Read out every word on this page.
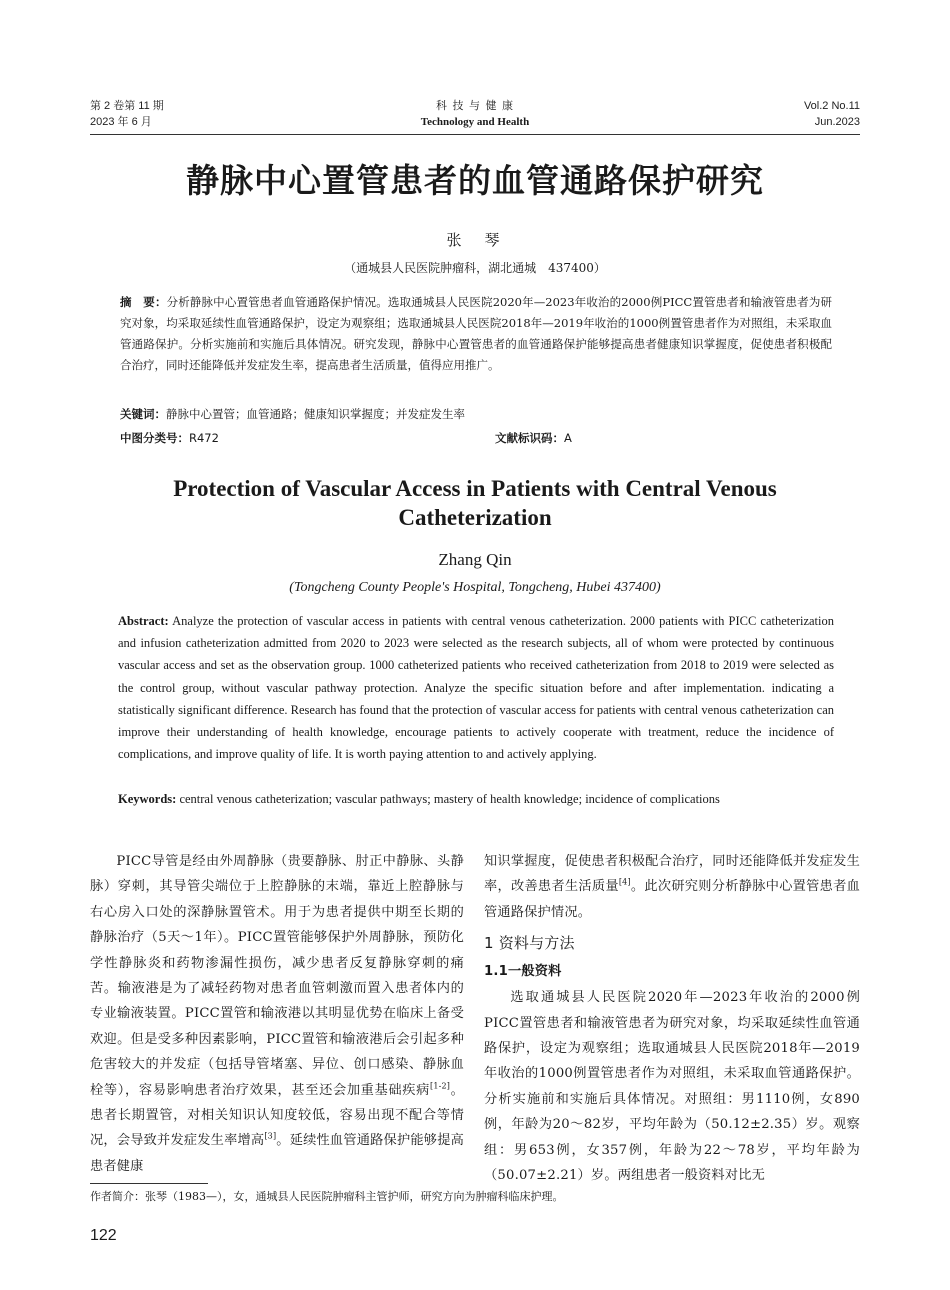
第 2 卷第 11 期
2023 年 6 月
科 技 与 健 康
Technology and Health
Vol.2 No.11
Jun.2023
静脉中心置管患者的血管通路保护研究
张　琴
（通城县人民医院肿瘤科，湖北通城　437400）
摘　要：分析静脉中心置管患者血管通路保护情况。选取通城县人民医院2020年—2023年收治的2000例PICC置管患者和输液管患者为研究对象，均采取延续性血管通路保护，设定为观察组；选取通城县人民医院2018年—2019年收治的1000例置管患者作为对照组，未采取血管通路保护。分析实施前和实施后具体情况。研究发现，静脉中心置管患者的血管通路保护能够提高患者健康知识掌握度，促使患者积极配合治疗，同时还能降低并发症发生率，提高患者生活质量，值得应用推广。
关键词：静脉中心置管；血管通路；健康知识掌握度；并发症发生率
中图分类号：R472	文献标识码：A
Protection of Vascular Access in Patients with Central Venous Catheterization
Zhang Qin
(Tongcheng County People's Hospital, Tongcheng, Hubei 437400)
Abstract: Analyze the protection of vascular access in patients with central venous catheterization. 2000 patients with PICC catheterization and infusion catheterization admitted from 2020 to 2023 were selected as the research subjects, all of whom were protected by continuous vascular access and set as the observation group. 1000 catheterized patients who received catheterization from 2018 to 2019 were selected as the control group, without vascular pathway protection. Analyze the specific situation before and after implementation. indicating a statistically significant difference. Research has found that the protection of vascular access for patients with central venous catheterization can improve their understanding of health knowledge, encourage patients to actively cooperate with treatment, reduce the incidence of complications, and improve quality of life. It is worth paying attention to and actively applying.
Keywords: central venous catheterization; vascular pathways; mastery of health knowledge; incidence of complications

PICC导管是经由外周静脉（贵要静脉、肘正中静脉、头静脉）穿刺，其导管尖端位于上腔静脉的末端，靠近上腔静脉与右心房入口处的深静脉置管术。用于为患者提供中期至长期的静脉治疗（5天～1年）。PICC置管能够保护外周静脉，预防化学性静脉炎和药物渗漏性损伤，减少患者反复静脉穿刺的痛苦。输液港是为了减轻药物对患者血管刺激而置入患者体内的专业输液装置。PICC置管和输液港以其明显优势在临床上备受欢迎。但是受多种因素影响，PICC置管和输液港后会引起多种危害较大的并发症（包括导管堵塞、异位、创口感染、静脉血栓等），容易影响患者治疗效果，甚至还会加重基础疾病[1-2]。患者长期置管，对相关知识认知度较低，容易出现不配合等情况，会导致并发症发生率增高[3]。延续性血管通路保护能够提高患者健康

知识掌握度，促使患者积极配合治疗，同时还能降低并发症发生率，改善患者生活质量[4]。此次研究则分析静脉中心置管患者血管通路保护情况。

1 资料与方法
1.1一般资料

选取通城县人民医院2020年—2023年收治的2000例PICC置管患者和输液管患者为研究对象，均采取延续性血管通路保护，设定为观察组；选取通城县人民医院2018年—2019年收治的1000例置管患者作为对照组，未采取血管通路保护。分析实施前和实施后具体情况。对照组：男1110例，女890例，年龄为20～82岁，平均年龄为（50.12±2.35）岁。观察组：男653例，女357例，年龄为22～78岁，平均年龄为（50.07±2.21）岁。两组患者一般资料对比无

作者简介：张琴（1983—），女，通城县人民医院肿瘤科主管护师，研究方向为肿瘤科临床护理。
122
